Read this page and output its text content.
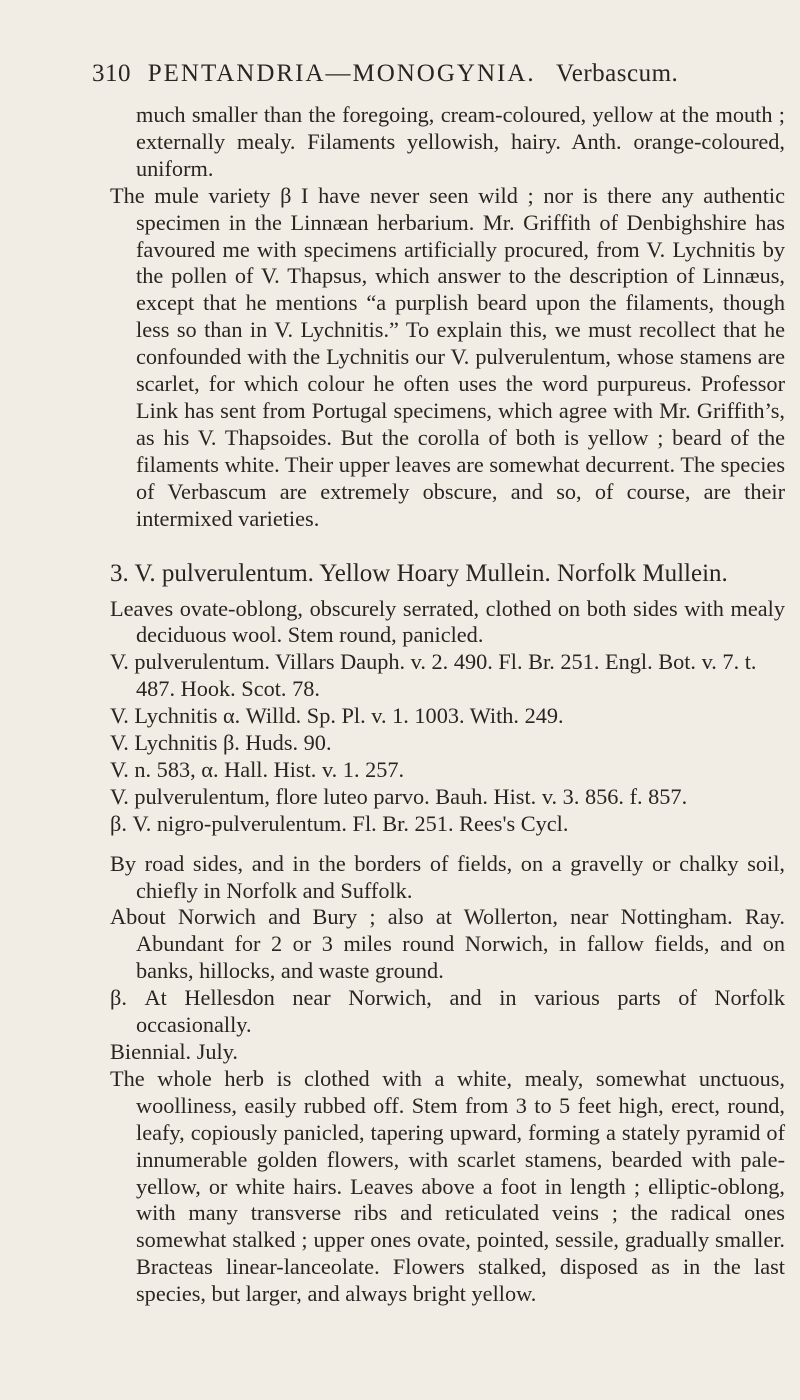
310 PENTANDRIA—MONOGYNIA. Verbascum.

much smaller than the foregoing, cream-coloured, yellow at the mouth ; externally mealy. Filaments yellowish, hairy. Anth. orange-coloured, uniform.

The mule variety β I have never seen wild ; nor is there any authentic specimen in the Linnæan herbarium. Mr. Griffith of Denbighshire has favoured me with specimens artificially procured, from V. Lychnitis by the pollen of V. Thapsus, which answer to the description of Linnæus, except that he mentions “a purplish beard upon the filaments, though less so than in V. Lychnitis.” To explain this, we must recollect that he confounded with the Lychnitis our V. pulverulentum, whose stamens are scarlet, for which colour he often uses the word purpureus. Professor Link has sent from Portugal specimens, which agree with Mr. Griffith’s, as his V. Thapsoides. But the corolla of both is yellow ; beard of the filaments white. Their upper leaves are somewhat decurrent. The species of Verbascum are extremely obscure, and so, of course, are their intermixed varieties.

3. V. pulverulentum. Yellow Hoary Mullein. Norfolk Mullein.

Leaves ovate-oblong, obscurely serrated, clothed on both sides with mealy deciduous wool. Stem round, panicled.

V. pulverulentum. Villars Dauph. v. 2. 490. Fl. Br. 251. Engl. Bot. v. 7. t. 487. Hook. Scot. 78.

V. Lychnitis α. Willd. Sp. Pl. v. 1. 1003. With. 249.

V. Lychnitis β. Huds. 90.

V. n. 583, α. Hall. Hist. v. 1. 257.

V. pulverulentum, flore luteo parvo. Bauh. Hist. v. 3. 856. f. 857.

β. V. nigro-pulverulentum. Fl. Br. 251. Rees's Cycl.

By road sides, and in the borders of fields, on a gravelly or chalky soil, chiefly in Norfolk and Suffolk.

About Norwich and Bury ; also at Wollerton, near Nottingham. Ray. Abundant for 2 or 3 miles round Norwich, in fallow fields, and on banks, hillocks, and waste ground.

β. At Hellesdon near Norwich, and in various parts of Norfolk occasionally.

Biennial. July.

The whole herb is clothed with a white, mealy, somewhat unctuous, woolliness, easily rubbed off. Stem from 3 to 5 feet high, erect, round, leafy, copiously panicled, tapering upward, forming a stately pyramid of innumerable golden flowers, with scarlet stamens, bearded with pale-yellow, or white hairs. Leaves above a foot in length ; elliptic-oblong, with many transverse ribs and reticulated veins ; the radical ones somewhat stalked ; upper ones ovate, pointed, sessile, gradually smaller. Bracteas linear-lanceolate. Flowers stalked, disposed as in the last species, but larger, and always bright yellow.
